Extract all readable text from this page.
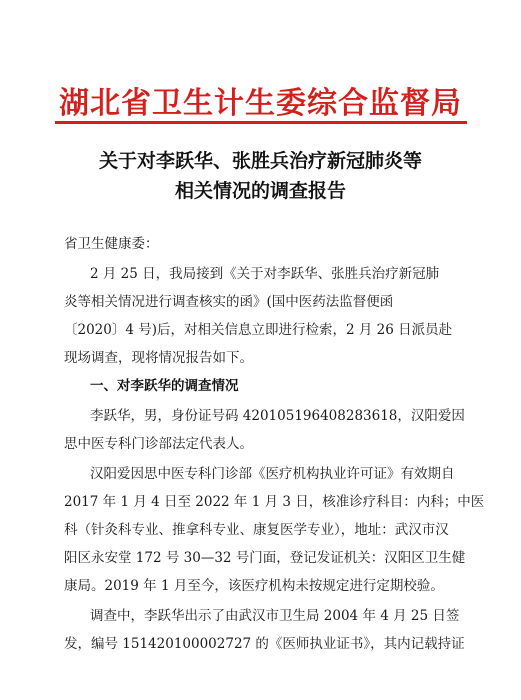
湖北省卫生计生委综合监督局
关于对李跃华、张胜兵治疗新冠肺炎等
相关情况的调查报告
省卫生健康委：
2 月 25 日，我局接到《关于对李跃华、张胜兵治疗新冠肺
炎等相关情况进行调查核实的函》(国中医药法监督便函
〔2020〕4 号)后，对相关信息立即进行检索，2 月 26 日派员赴
现场调查，现将情况报告如下。
一、对李跃华的调查情况
李跃华，男，身份证号码 420105196408283618，汉阳爱因
思中医专科门诊部法定代表人。
汉阳爱因思中医专科门诊部《医疗机构执业许可证》有效期自
2017 年 1 月 4 日至 2022 年 1 月 3 日，核准诊疗科目：内科；中医
科（针灸科专业、推拿科专业、康复医学专业），地址：武汉市汉
阳区永安堂 172 号 30—32 号门面，登记发证机关：汉阳区卫生健
康局。2019 年 1 月至今，该医疗机构未按规定进行定期校验。
调查中，李跃华出示了由武汉市卫生局 2004 年 4 月 25 日签
发，编号 151420100002727 的《医师执业证书》，其内记载持证
